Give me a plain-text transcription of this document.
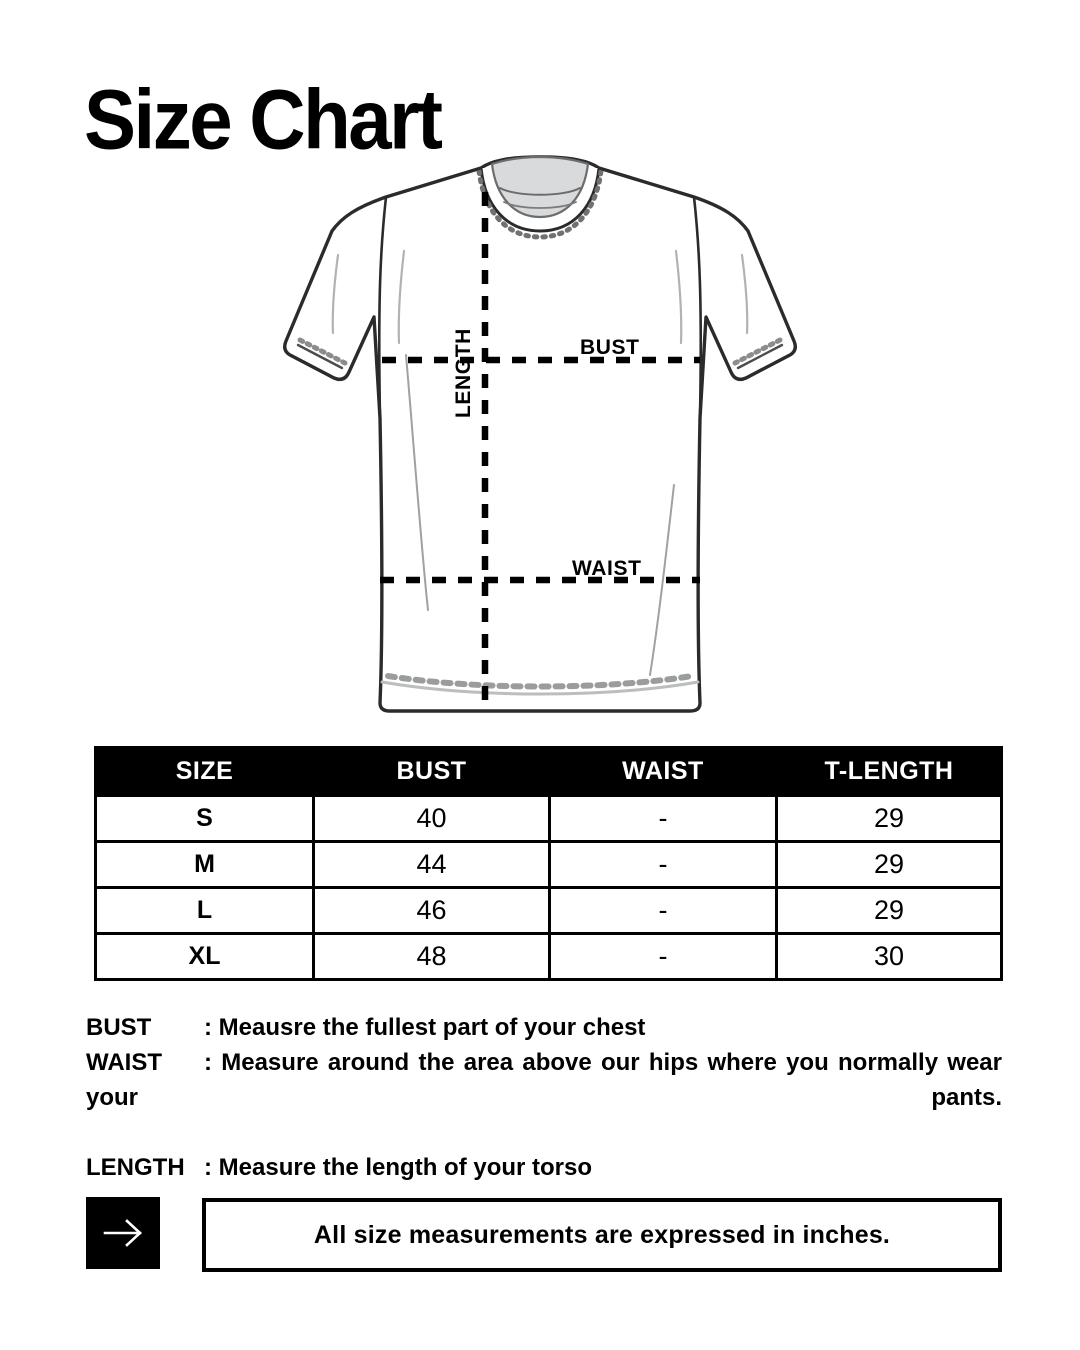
Size Chart
BUST
WAIST
LENGTH
SIZE	BUST	WAIST	T-LENGTH
S	40	-	29
M	44	-	29
L	46	-	29
XL	48	-	30
BUST : Meausre the fullest part of your chest
WAIST : Measure around the area above our hips where you normally wear your pants.
LENGTH : Measure the length of your torso
All size measurements are expressed in inches.
